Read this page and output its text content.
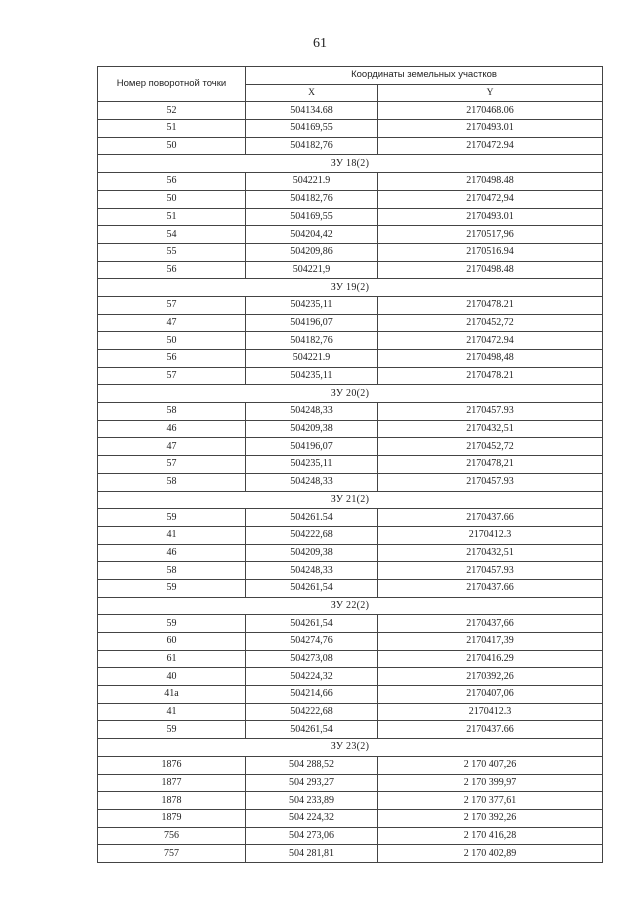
61
Номер поворотной точки	Координаты земельных участков	
	X	Y
52	504134.68	2170468.06
51	504169,55	2170493.01
50	504182,76	2170472.94
ЗУ 18(2)		
56	504221.9	2170498.48
50	504182,76	2170472,94
51	504169,55	2170493.01
54	504204,42	2170517,96
55	504209,86	2170516.94
56	504221,9	2170498.48
ЗУ 19(2)		
57	504235,11	2170478.21
47	504196,07	2170452,72
50	504182,76	2170472.94
56	504221.9	2170498,48
57	504235,11	2170478.21
ЗУ 20(2)		
58	504248,33	2170457.93
46	504209,38	2170432,51
47	504196,07	2170452,72
57	504235,11	2170478,21
58	504248,33	2170457.93
ЗУ 21(2)		
59	504261.54	2170437.66
41	504222,68	2170412.3
46	504209,38	2170432,51
58	504248,33	2170457.93
59	504261,54	2170437.66
ЗУ 22(2)		
59	504261,54	2170437,66
60	504274,76	2170417,39
61	504273,08	2170416.29
40	504224,32	2170392,26
41a	504214,66	2170407,06
41	504222,68	2170412.3
59	504261,54	2170437.66
ЗУ 23(2)		
1876	504 288,52	2 170 407,26
1877	504 293,27	2 170 399,97
1878	504 233,89	2 170 377,61
1879	504 224,32	2 170 392,26
756	504 273,06	2 170 416,28
757	504 281,81	2 170 402,89
